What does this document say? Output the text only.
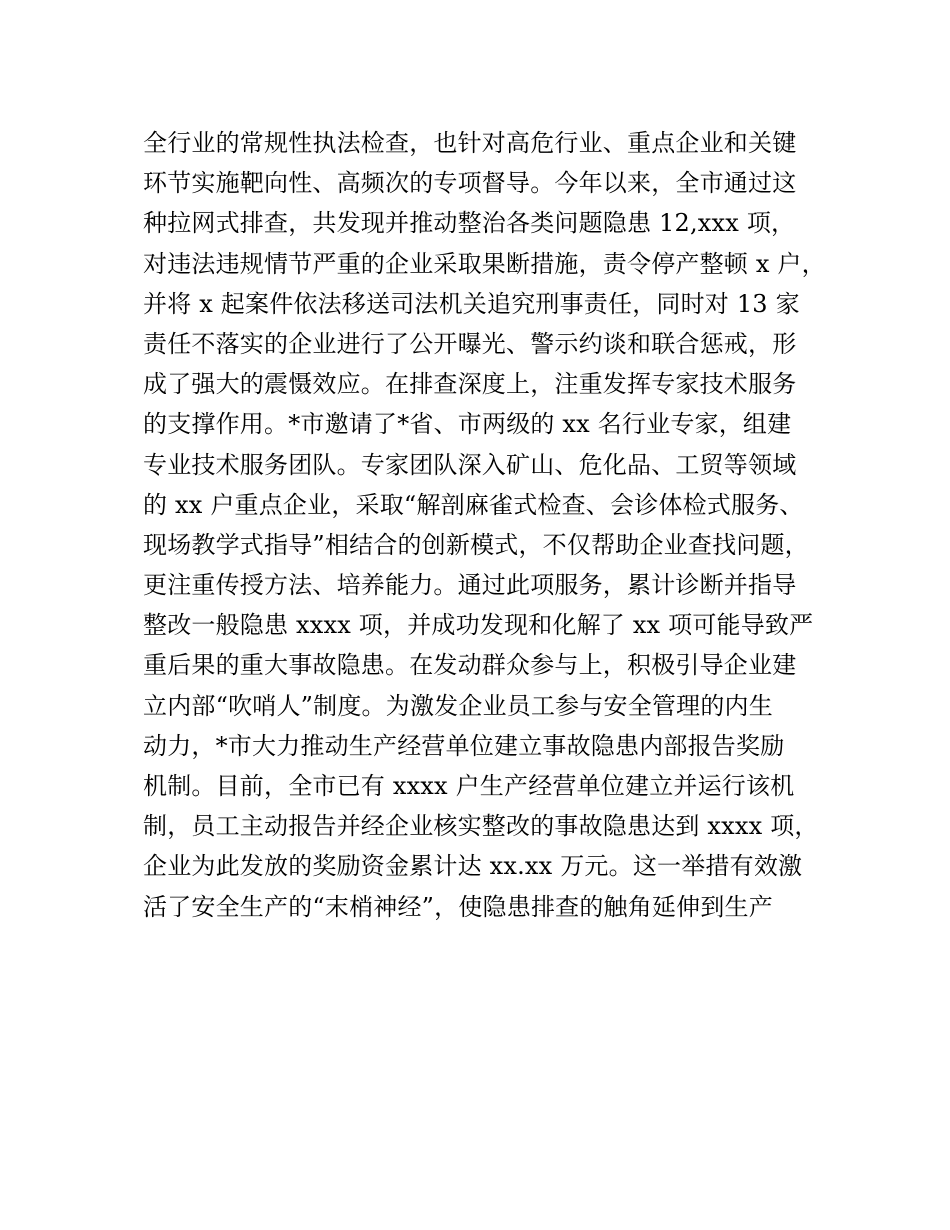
全行业的常规性执法检查，也针对高危行业、重点企业和关键
环节实施靶向性、高频次的专项督导。今年以来，全市通过这
种拉网式排查，共发现并推动整治各类问题隐患 12,xxx 项，
对违法违规情节严重的企业采取果断措施，责令停产整顿 x 户，
并将 x 起案件依法移送司法机关追究刑事责任，同时对 13 家
责任不落实的企业进行了公开曝光、警示约谈和联合惩戒，形
成了强大的震慑效应。在排查深度上，注重发挥专家技术服务
的支撑作用。*市邀请了*省、市两级的 xx 名行业专家，组建
专业技术服务团队。专家团队深入矿山、危化品、工贸等领域
的 xx 户重点企业，采取“解剖麻雀式检查、会诊体检式服务、
现场教学式指导”相结合的创新模式，不仅帮助企业查找问题，
更注重传授方法、培养能力。通过此项服务，累计诊断并指导
整改一般隐患 xxxx 项，并成功发现和化解了 xx 项可能导致严
重后果的重大事故隐患。在发动群众参与上，积极引导企业建
立内部“吹哨人”制度。为激发企业员工参与安全管理的内生
动力，*市大力推动生产经营单位建立事故隐患内部报告奖励
机制。目前，全市已有 xxxx 户生产经营单位建立并运行该机
制，员工主动报告并经企业核实整改的事故隐患达到 xxxx 项，
企业为此发放的奖励资金累计达 xx.xx 万元。这一举措有效激
活了安全生产的“末梢神经”，使隐患排查的触角延伸到生产
